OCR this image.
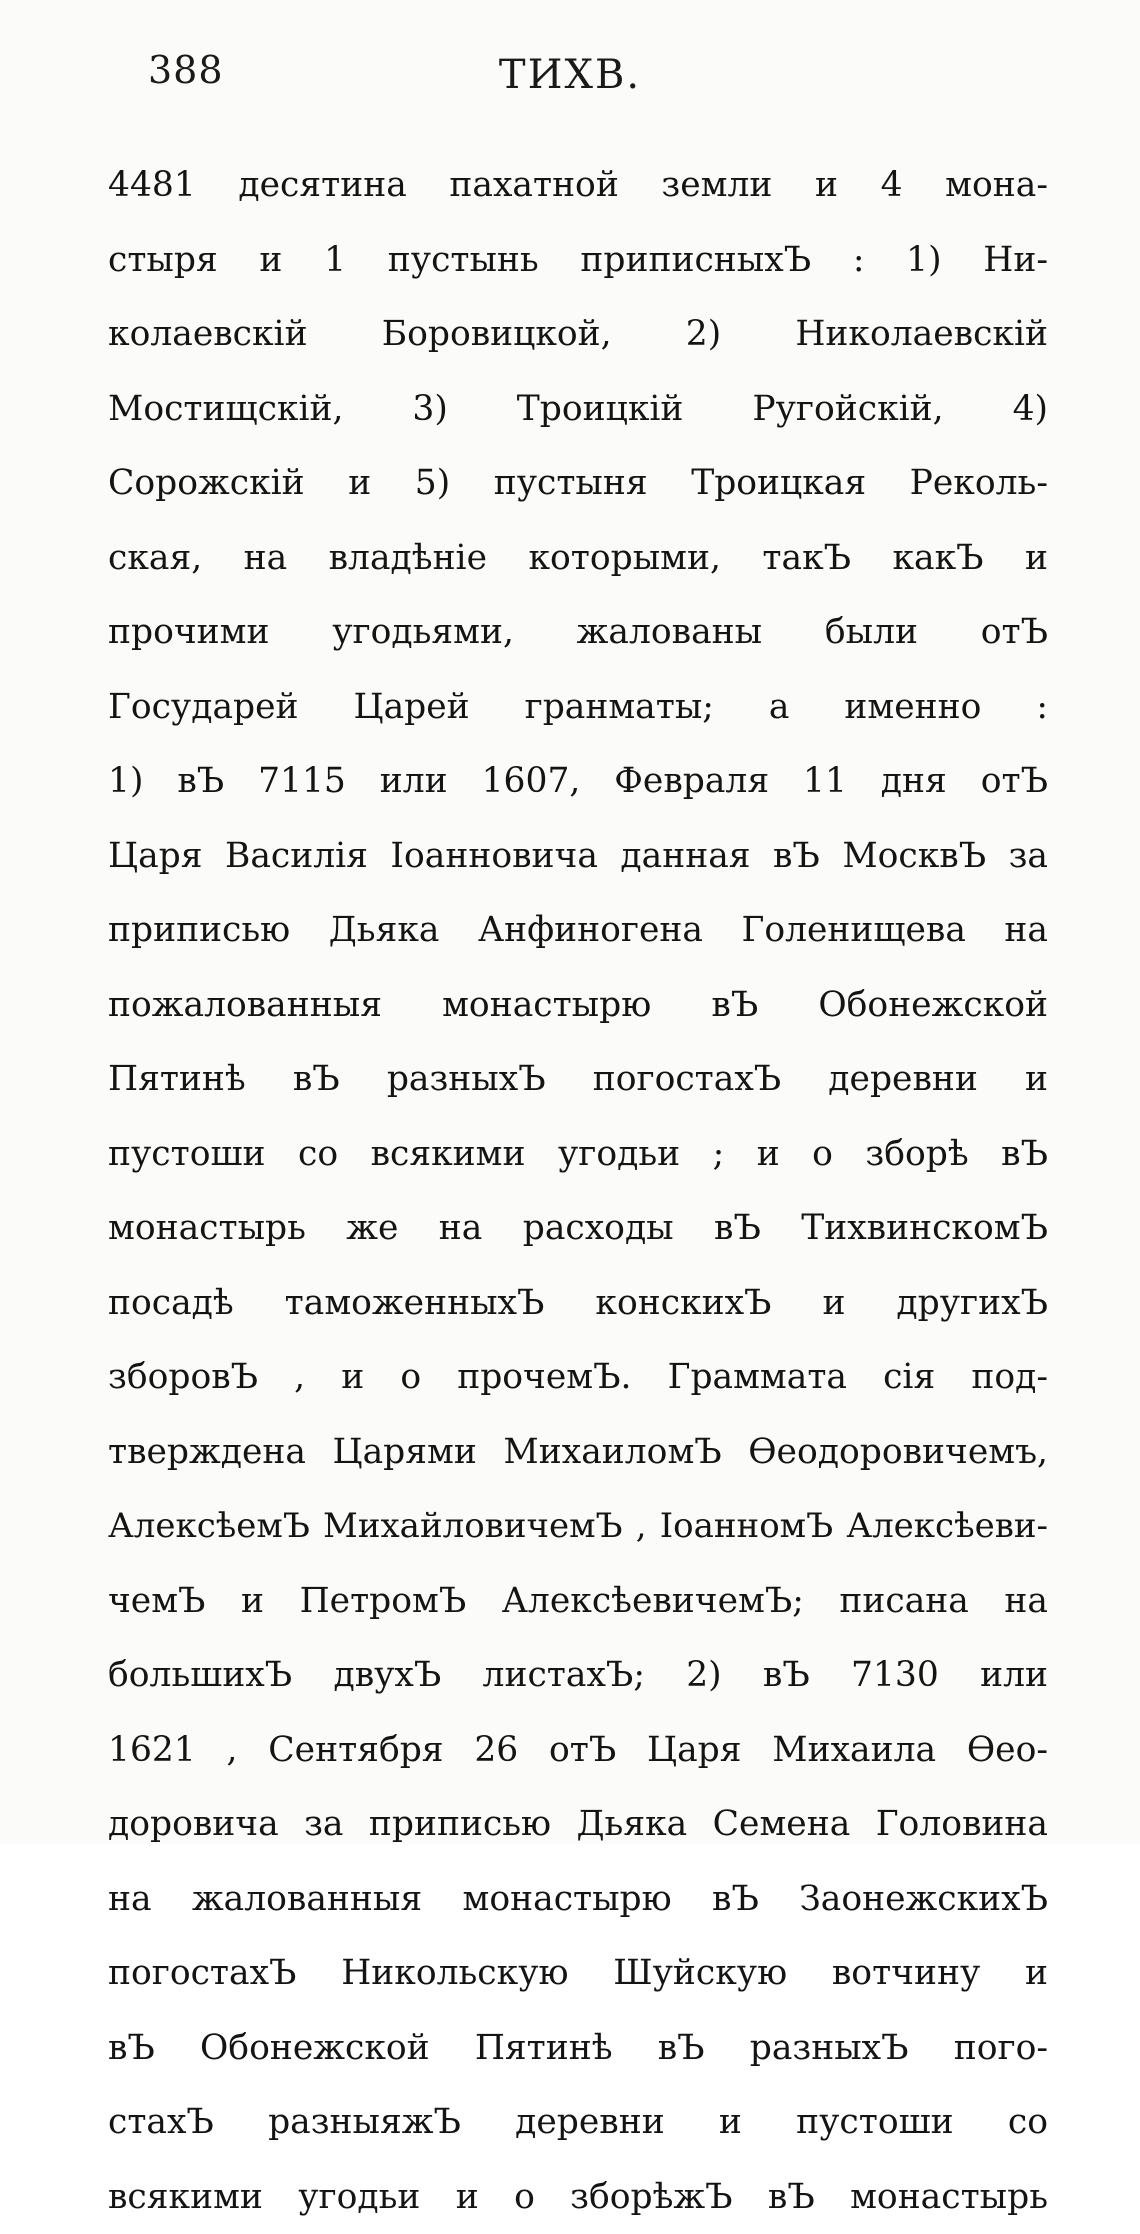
388	ТИХВ.
4481 десятина пахатной земли и 4 мона-
стыря и 1 пустынь приписныхЪ : 1) Ни-
колаевскій Боровицкой, 2) Николаевскій
Мостищскій, 3) Троицкій Ругойскій, 4)
Сорожскій и 5) пустыня Троицкая Реколь-
ская, на владѣніе которыми, такЪ какЪ и
прочими угодьями, жалованы были отЪ
Государей Царей гранматы; а именно :
1) вЪ 7115 или 1607, Февраля 11 дня отЪ
Царя Василія Іоанновича данная вЪ МосквЪ за
приписью Дьяка Анфиногена Голенищева на
пожалованныя монастырю вЪ Обонежской
Пятинѣ вЪ разныхЪ погостахЪ деревни и
пустоши со всякими угодьи ; и о зборѣ вЪ
монастырь же на расходы вЪ ТихвинскомЪ
посадѣ таможенныхЪ конскихЪ и другихЪ
зборовЪ , и о прочемЪ. Грамматa сія под-
тверждена Царями МихаиломЪ Өеодоровичемъ,
АлексѣемЪ МихайловичемЪ , ІоанномЪ Алексѣеви-
чемЪ и ПетромЪ АлексѣевичемЪ; писана на
большихЪ двухЪ листахЪ; 2) вЪ 7130 или
1621 , Сентября 26 отЪ Царя Михаила Өео-
доровича за приписью Дьяка Семена Головина
на жалованныя монастырю вЪ ЗаонежскихЪ
погостахЪ Никольскую Шуйскую вотчину и
вЪ Обонежской Пятинѣ вЪ разныхЪ пого-
стахЪ разныяжЪ деревни и пустоши со
всякими угодьи и о зборѣжЪ вЪ монастырь
